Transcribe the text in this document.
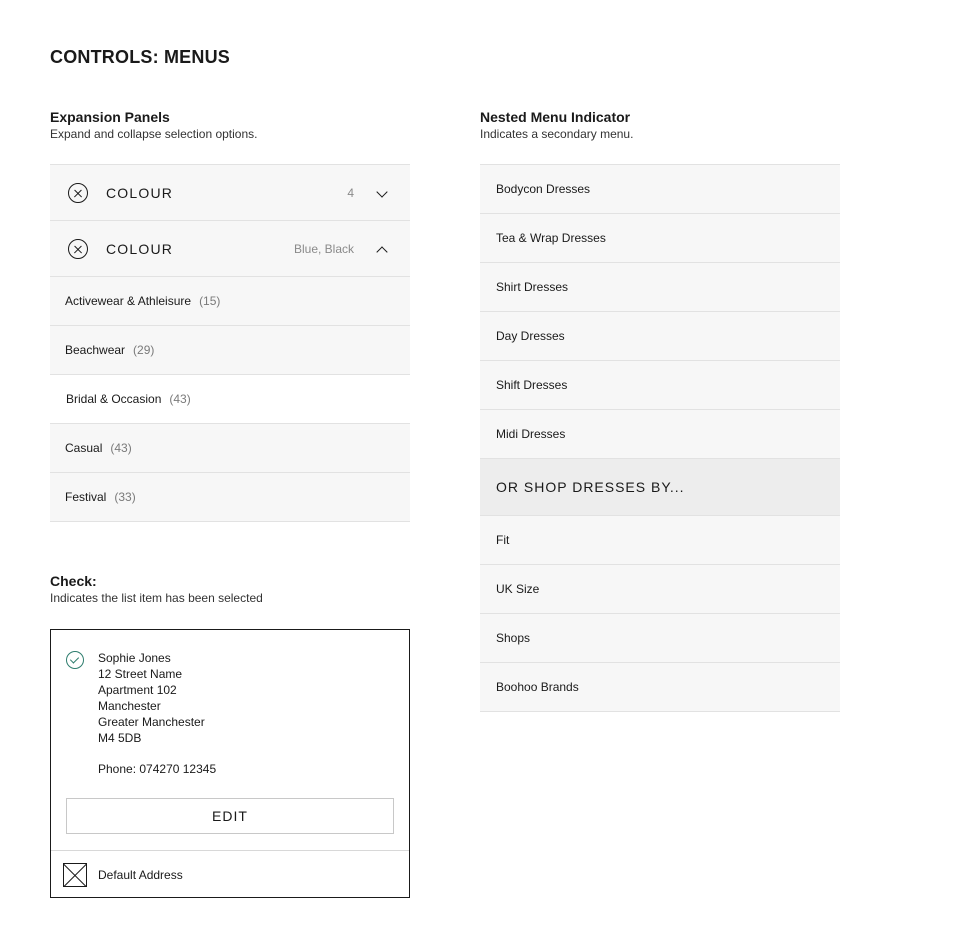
CONTROLS: MENUS
Expansion Panels
Expand and collapse selection options.
COLOUR	4
COLOUR	Blue, Black
Activewear & Athleisure (15)
Beachwear (29)
Bridal & Occasion (43)
Casual (43)
Festival (33)
Nested Menu Indicator
Indicates a secondary menu.
Bodycon Dresses
Tea & Wrap Dresses
Shirt Dresses
Day Dresses
Shift Dresses
Midi Dresses
OR SHOP DRESSES BY...
Fit
UK Size
Shops
Boohoo Brands
Check:
Indicates the list item has been selected
Sophie Jones
12 Street Name
Apartment 102
Manchester
Greater Manchester
M4 5DB
Phone: 074270 12345
EDIT
Default Address
